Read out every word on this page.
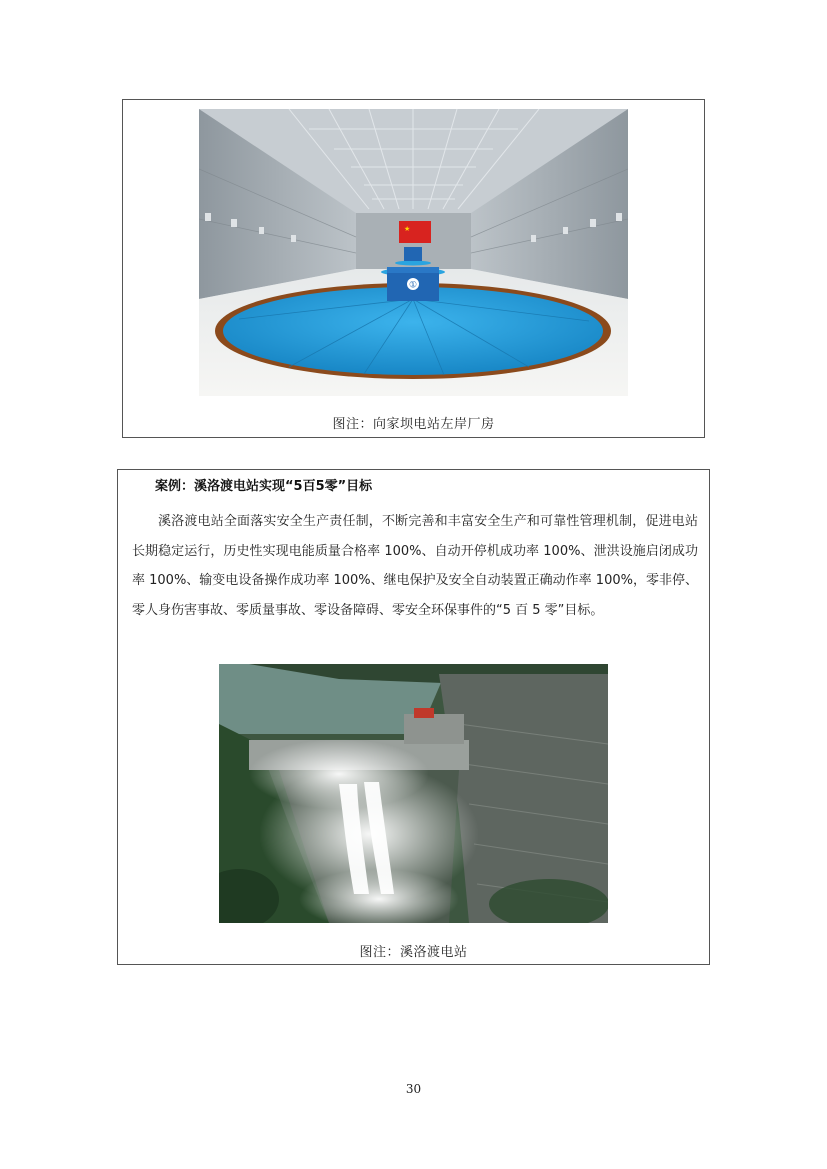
★
①
图注：向家坝电站左岸厂房
案例：溪洛渡电站实现“5百5零”目标

溪洛渡电站全面落实安全生产责任制，不断完善和丰富安全生产和可靠性管理机制，促进电站长期稳定运行，历史性实现电能质量合格率 100%、自动开停机成功率 100%、泄洪设施启闭成功率 100%、输变电设备操作成功率 100%、继电保护及安全自动装置正确动作率 100%，零非停、零人身伤害事故、零质量事故、零设备障碍、零安全环保事件的“5 百 5 零”目标。

图注：溪洛渡电站
30
